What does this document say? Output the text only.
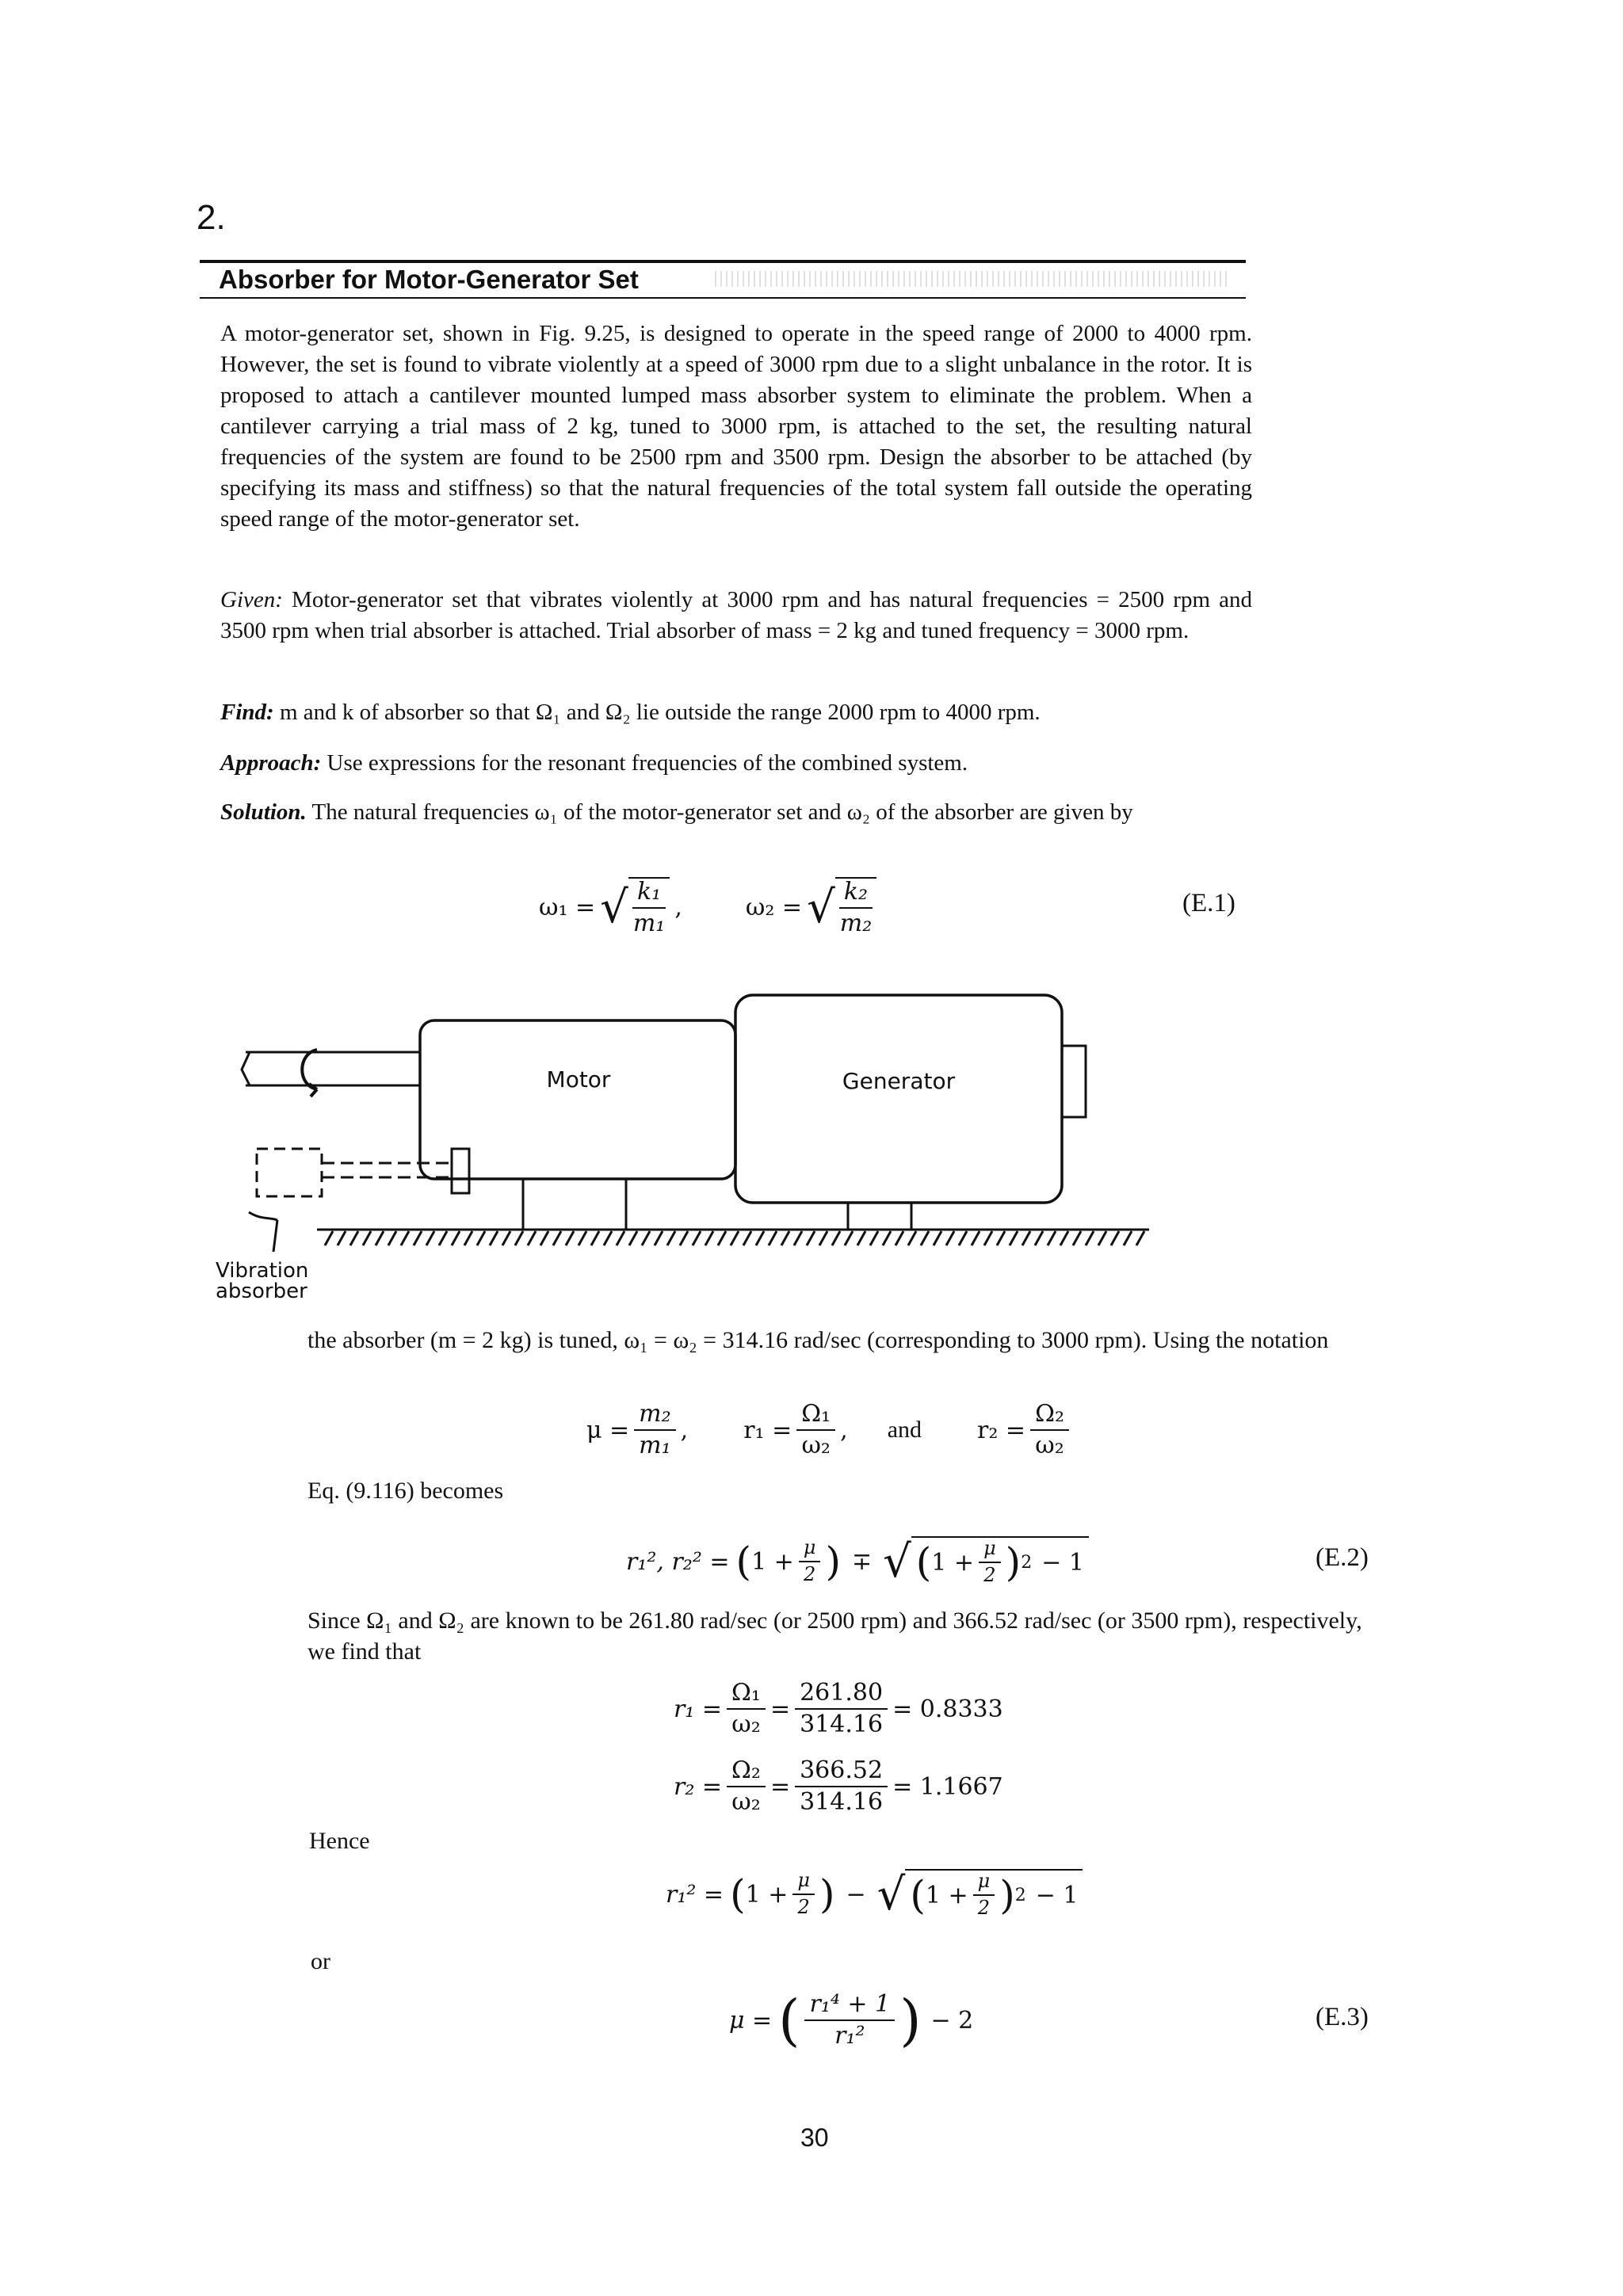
2.
Absorber for Motor-Generator Set
A motor-generator set, shown in Fig. 9.25, is designed to operate in the speed range of 2000 to 4000 rpm. However, the set is found to vibrate violently at a speed of 3000 rpm due to a slight unbalance in the rotor. It is proposed to attach a cantilever mounted lumped mass absorber system to eliminate the problem. When a cantilever carrying a trial mass of 2 kg, tuned to 3000 rpm, is attached to the set, the resulting natural frequencies of the system are found to be 2500 rpm and 3500 rpm. Design the absorber to be attached (by specifying its mass and stiffness) so that the natural frequencies of the total system fall outside the operating speed range of the motor-generator set.
Given: Motor-generator set that vibrates violently at 3000 rpm and has natural frequencies = 2500 rpm and 3500 rpm when trial absorber is attached. Trial absorber of mass = 2 kg and tuned frequency = 3000 rpm.
Find: m and k of absorber so that Ω₁ and Ω₂ lie outside the range 2000 rpm to 4000 rpm.
Approach: Use expressions for the resonant frequencies of the combined system.
Solution. The natural frequencies ω₁ of the motor-generator set and ω₂ of the absorber are given by
ω₁ = √ $\frac{\text{k₁}}{\text{m₁}}$ ,	ω₂ = √ $\frac{\text{k₂}}{\text{m₂}}$	(E.1)
Motor	Generator
Vibration
absorber
the absorber (m = 2 kg) is tuned, ω₁ = ω₂ = 314.16 rad/sec (corresponding to 3000 rpm). Using the notation
$\mu = \frac{\text{m₂}}{\text{m₁}}$ , $r_1 = \frac{\text{Ω₁}}{\text{ω₂}}$ , and $r_2 = \frac{\text{Ω₂}}{\text{ω₂}}$
Eq. (9.116) becomes
r₁², r₂² = ( $1 + \frac{\mu}{2}$ ) ∓ √ ( $1 + \frac{\mu}{2}$ ) 2 − 1	(E.2)
Since Ω₁ and Ω₂ are known to be 261.80 rad/sec (or 2500 rpm) and 366.52 rad/sec (or 3500 rpm), respectively, we find that
$r_1 = \frac{\text{Ω₁}}{\text{ω₂}} = \frac{261.80}{314.16} = 0.8333$
$r_2 = \frac{\text{Ω₂}}{\text{ω₂}} = \frac{366.52}{314.16} = 1.1667$
Hence
r₁² = ( $1 + \frac{\mu}{2}$ ) − √ ( $1 + \frac{\mu}{2}$ ) 2 − 1
or
μ = ( $\frac{\text{r₁⁴ + 1}}{\text{r₁²}}$ ) − 2	(E.3)
30
